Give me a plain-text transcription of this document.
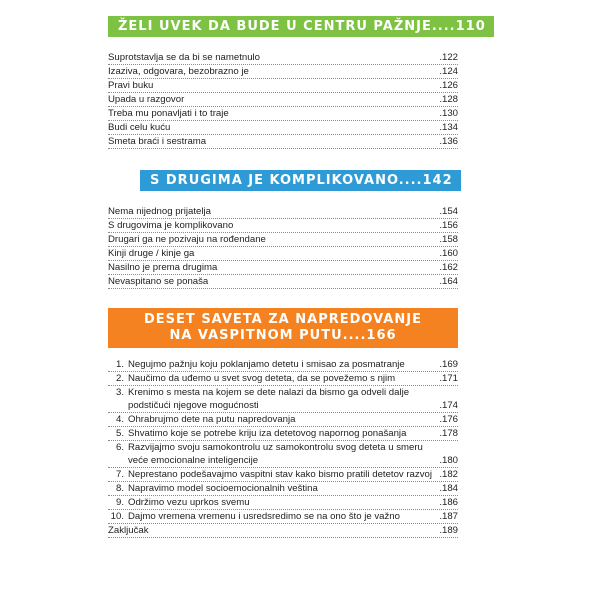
ŽELI UVEK DA BUDE U CENTRU PAŽNJE....110
Suprotstavlja se da bi se nametnulo	.122
Izaziva, odgovara, bezobrazno je	.124
Pravi buku	.126
Upada u razgovor	.128
Treba mu ponavljati i to traje	.130
Budi celu kuću	.134
Smeta braći i sestrama	.136
S DRUGIMA JE KOMPLIKOVANO....142
Nema nijednog prijatelja	.154
S drugovima je komplikovano	.156
Drugari ga ne pozivaju na rođendane	.158
Kinji druge / kinje ga	.160
Nasilno je prema drugima	.162
Nevaspitano se ponaša	.164
DESET SAVETA ZA NAPREDOVANJE
NA VASPITNOM PUTU....166
1. Negujmo pažnju koju poklanjamo detetu i smisao za posmatranje	.169
2. Naučimo da uđemo u svet svog deteta, da se povežemo s njim	.171
3. Krenimo s mesta na kojem se dete nalazi da bismo ga odveli dalje podstičući njegove mogućnosti	.174
4. Ohrabrujmo dete na putu napredovanja	.176
5. Shvatimo koje se potrebe kriju iza detetovog napornog ponašanja	.178
6. Razvijajmo svoju samokontrolu uz samokontrolu svog deteta u smeru veće emocionalne inteligencije	.180
7. Neprestano podešavajmo vaspitni stav kako bismo pratili detetov razvoj .182
8. Napravimo model socioemocionalnih veština	.184
9. Održimo vezu uprkos svemu	.186
10. Dajmo vremena vremenu i usredsredimo se na ono što je važno	.187
Zaključak	.189
